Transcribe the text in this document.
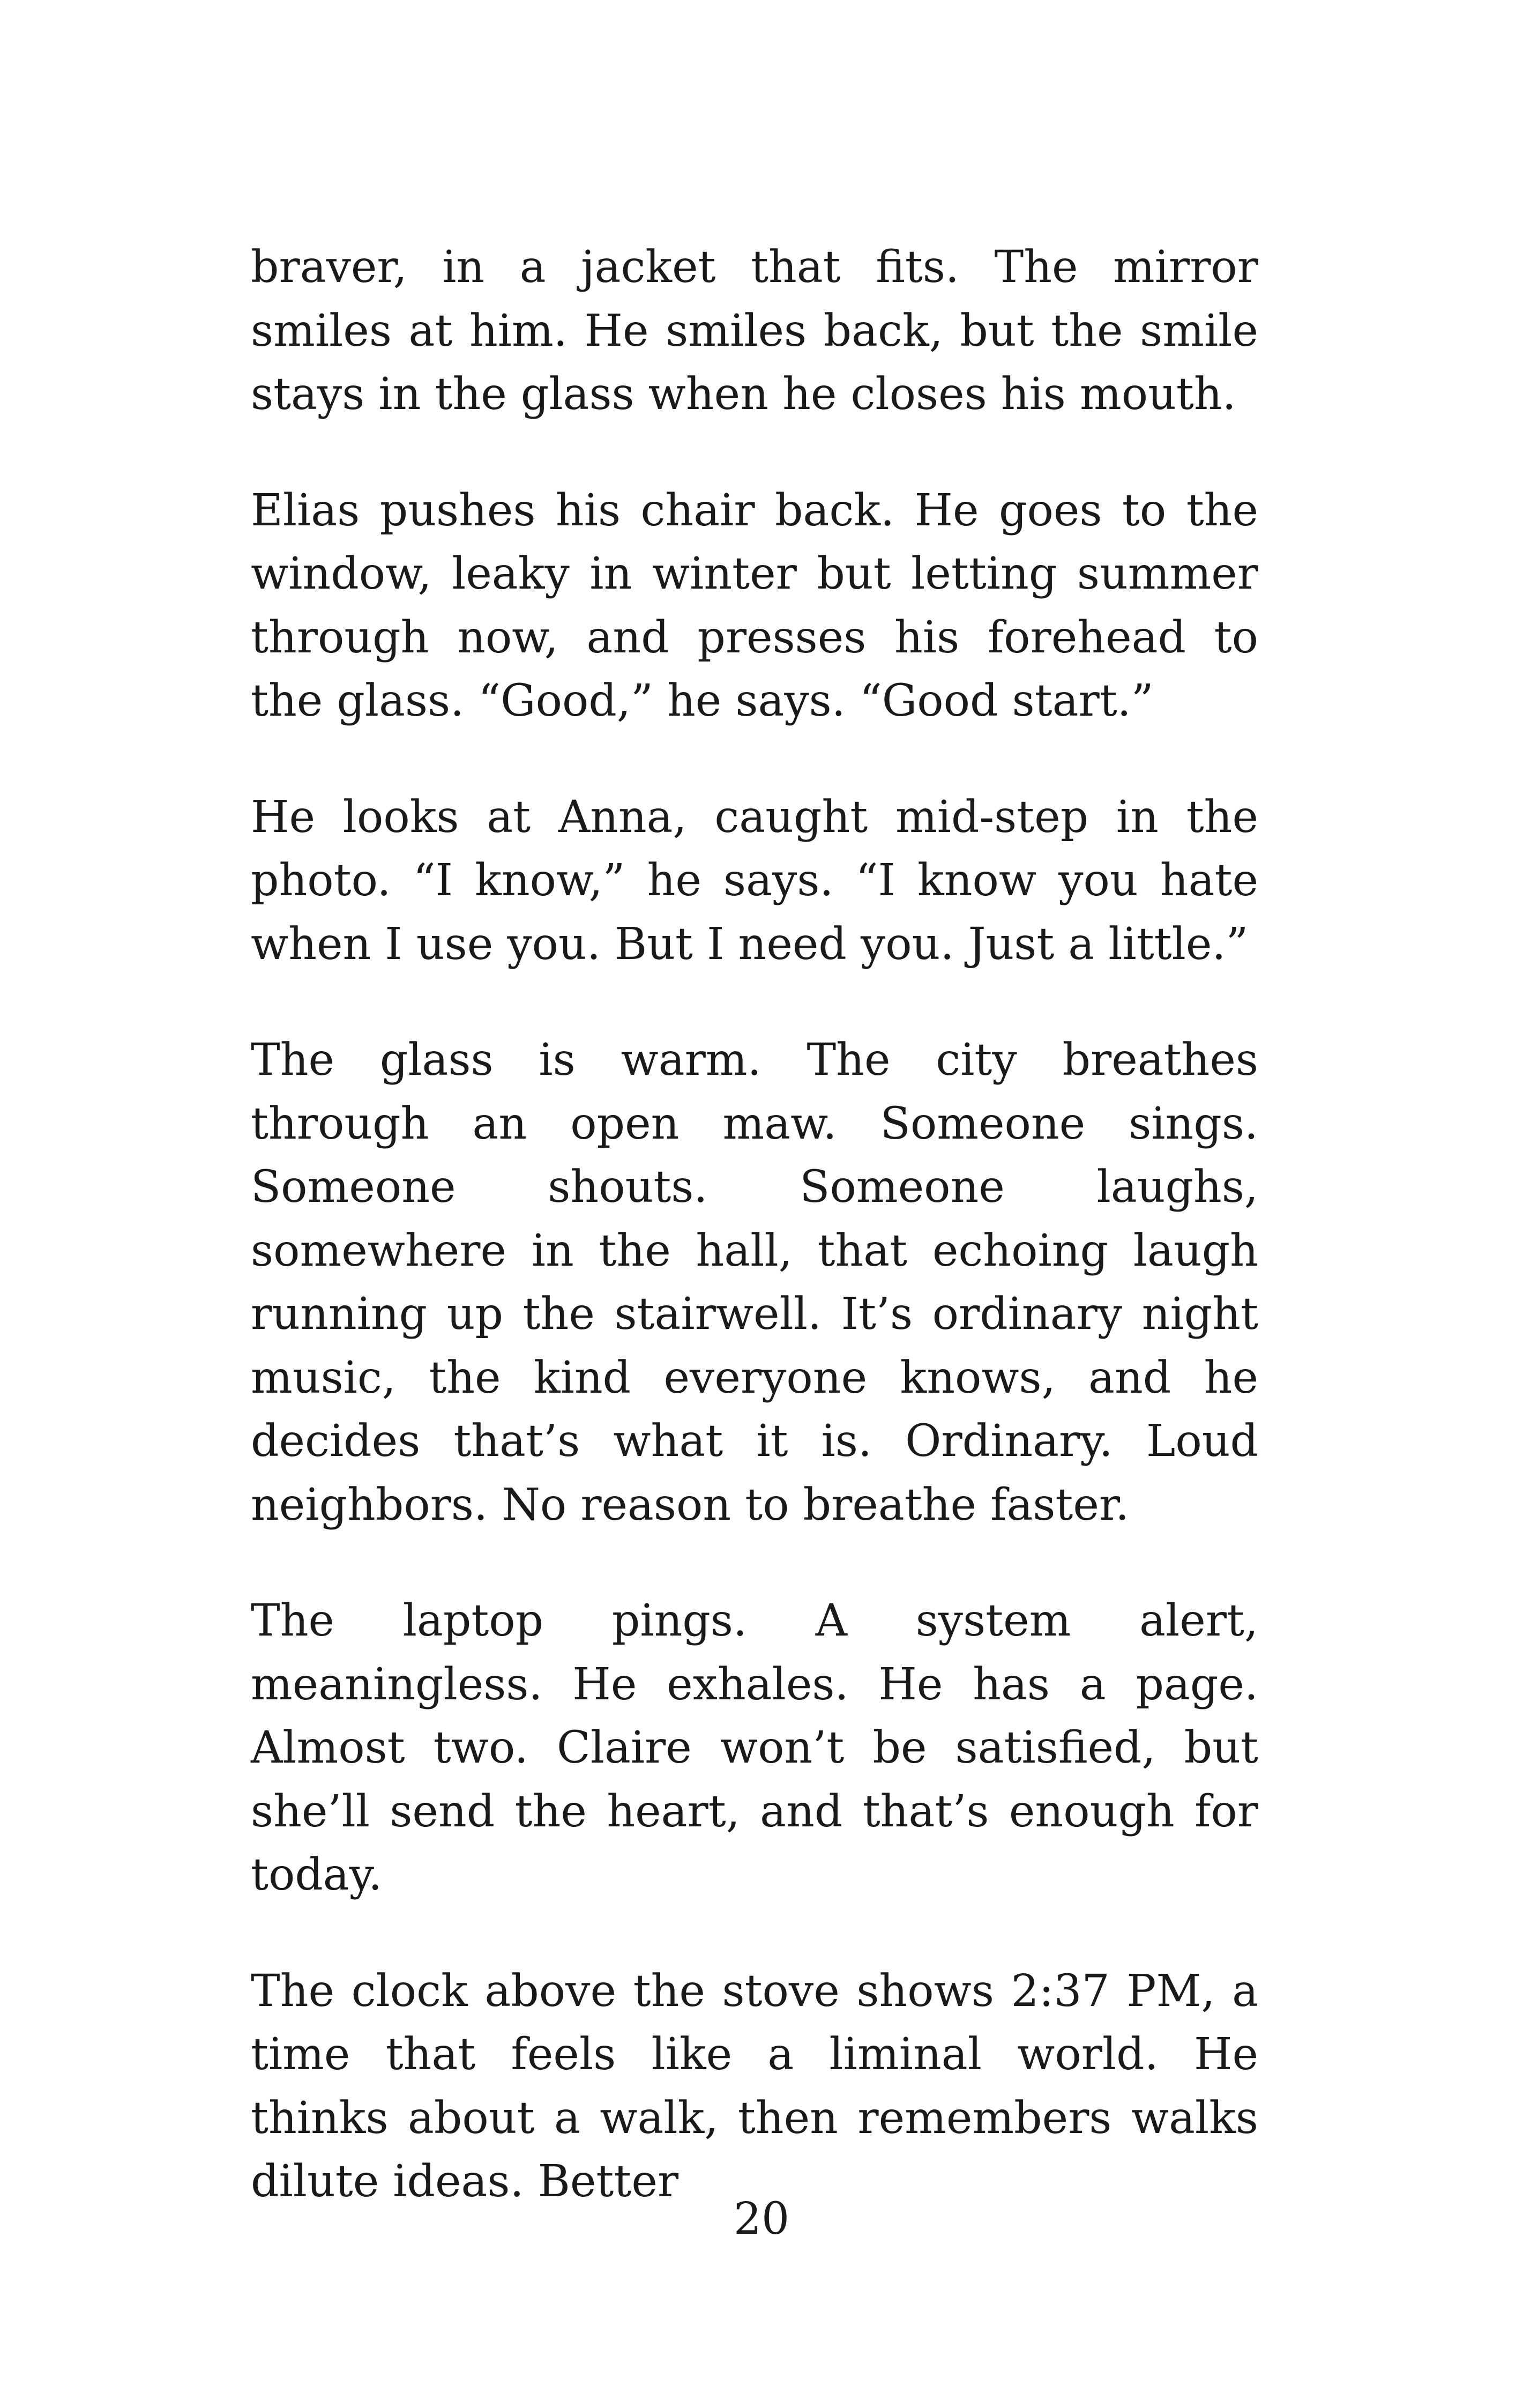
braver, in a jacket that fits. The mirror smiles at him. He smiles back, but the smile stays in the glass when he closes his mouth.

Elias pushes his chair back. He goes to the window, leaky in winter but letting summer through now, and presses his forehead to the glass. “Good,” he says. “Good start.”

He looks at Anna, caught mid-step in the photo. “I know,” he says. “I know you hate when I use you. But I need you. Just a little.”

The glass is warm. The city breathes through an open maw. Someone sings. Someone shouts. Someone laughs, somewhere in the hall, that echoing laugh running up the stairwell. It’s ordinary night music, the kind everyone knows, and he decides that’s what it is. Ordinary. Loud neighbors. No reason to breathe faster.

The laptop pings. A system alert, meaningless. He exhales. He has a page. Almost two. Claire won’t be satisfied, but she’ll send the heart, and that’s enough for today.

The clock above the stove shows 2:37 PM, a time that feels like a liminal world. He thinks about a walk, then remembers walks dilute ideas. Better

20
